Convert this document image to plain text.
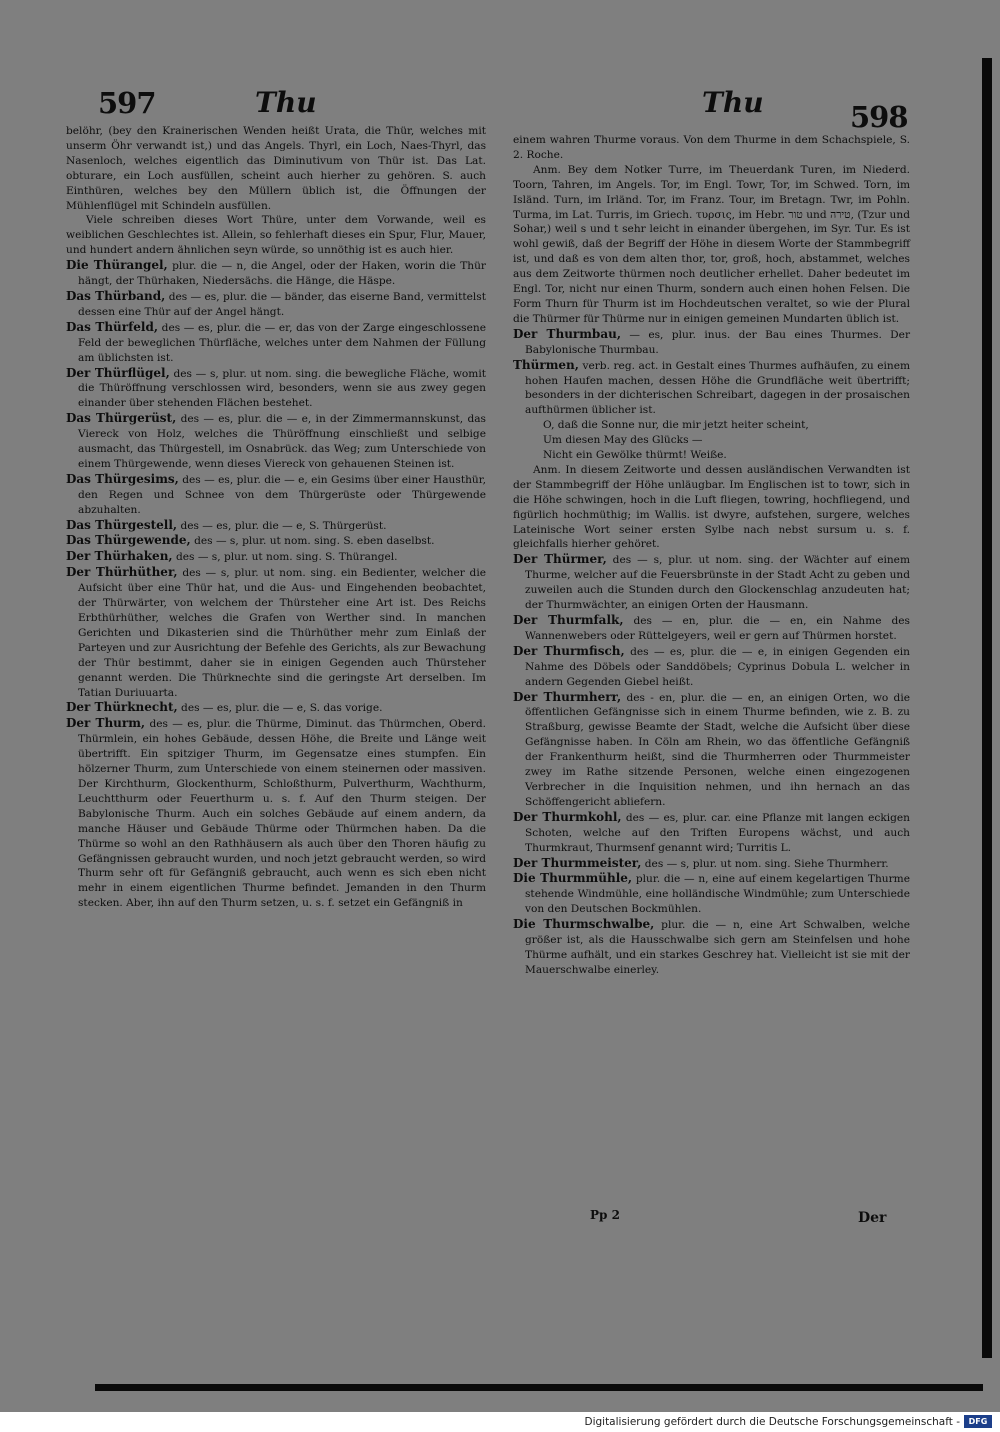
597	Thu	Thu	598

belöhr, (bey den Krainerischen Wenden heißt Urata, die Thür, welches mit unserm Öhr verwandt ist,) und das Angels. Thyrl, ein Loch, Naes-Thyrl, das Nasenloch, welches eigentlich das Diminutivum von Thür ist. Das Lat. obturare, ein Loch ausfüllen, scheint auch hierher zu gehören. S. auch Einthüren, welches bey den Müllern üblich ist, die Öffnungen der Mühlenflügel mit Schindeln ausfüllen.

Viele schreiben dieses Wort Thüre, unter dem Vorwande, weil es weiblichen Geschlechtes ist. Allein, so fehlerhaft dieses ein Spur, Flur, Mauer, und hundert andern ähnlichen seyn würde, so unnöthig ist es auch hier.

Die Thürangel, plur. die — n, die Angel, oder der Haken, worin die Thür hängt, der Thürhaken, Niedersächs. die Hänge, die Häspe.

Das Thürband, des — es, plur. die — bänder, das eiserne Band, vermittelst dessen eine Thür auf der Angel hängt.

Das Thürfeld, des — es, plur. die — er, das von der Zarge eingeschlossene Feld der beweglichen Thürfläche, welches unter dem Nahmen der Füllung am üblichsten ist.

Der Thürflügel, des — s, plur. ut nom. sing. die bewegliche Fläche, womit die Thüröffnung verschlossen wird, besonders, wenn sie aus zwey gegen einander über stehenden Flächen bestehet.

Das Thürgerüst, des — es, plur. die — e, in der Zimmermannskunst, das Viereck von Holz, welches die Thüröffnung einschließt und selbige ausmacht, das Thürgestell, im Osnabrück. das Weg; zum Unterschiede von einem Thürgewende, wenn dieses Viereck von gehauenen Steinen ist.

Das Thürgesims, des — es, plur. die — e, ein Gesims über einer Hausthür, den Regen und Schnee von dem Thürgerüste oder Thürgewende abzuhalten.

Das Thürgestell, des — es, plur. die — e, S. Thürgerüst.

Das Thürgewende, des — s, plur. ut nom. sing. S. eben daselbst.

Der Thürhaken, des — s, plur. ut nom. sing. S. Thürangel.

Der Thürhüther, des — s, plur. ut nom. sing. ein Bedienter, welcher die Aufsicht über eine Thür hat, und die Aus- und Eingehenden beobachtet, der Thürwärter, von welchem der Thürsteher eine Art ist. Des Reichs Erbthürhüther, welches die Grafen von Werther sind. In manchen Gerichten und Dikasterien sind die Thürhüther mehr zum Einlaß der Parteyen und zur Ausrichtung der Befehle des Gerichts, als zur Bewachung der Thür bestimmt, daher sie in einigen Gegenden auch Thürsteher genannt werden. Die Thürknechte sind die geringste Art derselben. Im Tatian Duriuuarta.

Der Thürknecht, des — es, plur. die — e, S. das vorige.

Der Thurm, des — es, plur. die Thürme, Diminut. das Thürmchen, Oberd. Thürmlein, ein hohes Gebäude, dessen Höhe, die Breite und Länge weit übertrifft. Ein spitziger Thurm, im Gegensatze eines stumpfen. Ein hölzerner Thurm, zum Unterschiede von einem steinernen oder massiven. Der Kirchthurm, Glockenthurm, Schloßthurm, Pulverthurm, Wachthurm, Leuchtthurm oder Feuerthurm u. s. f. Auf den Thurm steigen. Der Babylonische Thurm. Auch ein solches Gebäude auf einem andern, da manche Häuser und Gebäude Thürme oder Thürmchen haben. Da die Thürme so wohl an den Rathhäusern als auch über den Thoren häufig zu Gefängnissen gebraucht wurden, und noch jetzt gebraucht werden, so wird Thurm sehr oft für Gefängniß gebraucht, auch wenn es sich eben nicht mehr in einem eigentlichen Thurme befindet. Jemanden in den Thurm stecken. Aber, ihn auf den Thurm setzen, u. s. f. setzet ein Gefängniß in

einem wahren Thurme voraus. Von dem Thurme in dem Schachspiele, S. 2. Roche.

Anm. Bey dem Notker Turre, im Theuerdank Turen, im Niederd. Toorn, Tahren, im Angels. Tor, im Engl. Towr, Tor, im Schwed. Torn, im Isländ. Turn, im Irländ. Tor, im Franz. Tour, im Bretagn. Twr, im Pohln. Turma, im Lat. Turris, im Griech. τυρσις, im Hebr. טור und טירה, (Tzur und Sohar,) weil s und t sehr leicht in einander übergehen, im Syr. Tur. Es ist wohl gewiß, daß der Begriff der Höhe in diesem Worte der Stammbegriff ist, und daß es von dem alten thor, tor, groß, hoch, abstammet, welches aus dem Zeitworte thürmen noch deutlicher erhellet. Daher bedeutet im Engl. Tor, nicht nur einen Thurm, sondern auch einen hohen Felsen. Die Form Thurn für Thurm ist im Hochdeutschen veraltet, so wie der Plural die Thürmer für Thürme nur in einigen gemeinen Mundarten üblich ist.

Der Thurmbau, — es, plur. inus. der Bau eines Thurmes. Der Babylonische Thurmbau.

Thürmen, verb. reg. act. in Gestalt eines Thurmes aufhäufen, zu einem hohen Haufen machen, dessen Höhe die Grundfläche weit übertrifft; besonders in der dichterischen Schreibart, dagegen in der prosaischen aufthürmen üblicher ist.

O, daß die Sonne nur, die mir jetzt heiter scheint,

Um diesen May des Glücks —

Nicht ein Gewölke thürmt! Weiße.

Anm. In diesem Zeitworte und dessen ausländischen Verwandten ist der Stammbegriff der Höhe unläugbar. Im Englischen ist to towr, sich in die Höhe schwingen, hoch in die Luft fliegen, towring, hochfliegend, und figürlich hochmüthig; im Wallis. ist dwyre, aufstehen, surgere, welches Lateinische Wort seiner ersten Sylbe nach nebst sursum u. s. f. gleichfalls hierher gehöret.

Der Thürmer, des — s, plur. ut nom. sing. der Wächter auf einem Thurme, welcher auf die Feuersbrünste in der Stadt Acht zu geben und zuweilen auch die Stunden durch den Glockenschlag anzudeuten hat; der Thurmwächter, an einigen Orten der Hausmann.

Der Thurmfalk, des — en, plur. die — en, ein Nahme des Wannenwebers oder Rüttelgeyers, weil er gern auf Thürmen horstet.

Der Thurmfisch, des — es, plur. die — e, in einigen Gegenden ein Nahme des Döbels oder Sanddöbels; Cyprinus Dobula L. welcher in andern Gegenden Giebel heißt.

Der Thurmherr, des - en, plur. die — en, an einigen Orten, wo die öffentlichen Gefängnisse sich in einem Thurme befinden, wie z. B. zu Straßburg, gewisse Beamte der Stadt, welche die Aufsicht über diese Gefängnisse haben. In Cöln am Rhein, wo das öffentliche Gefängniß der Frankenthurm heißt, sind die Thurmherren oder Thurmmeister zwey im Rathe sitzende Personen, welche einen eingezogenen Verbrecher in die Inquisition nehmen, und ihn hernach an das Schöffengericht abliefern.

Der Thurmkohl, des — es, plur. car. eine Pflanze mit langen eckigen Schoten, welche auf den Triften Europens wächst, und auch Thurmkraut, Thurmsenf genannt wird; Turritis L.

Der Thurmmeister, des — s, plur. ut nom. sing. Siehe Thurmherr.

Die Thurmmühle, plur. die — n, eine auf einem kegelartigen Thurme stehende Windmühle, eine holländische Windmühle; zum Unterschiede von den Deutschen Bockmühlen.

Die Thurmschwalbe, plur. die — n, eine Art Schwalben, welche größer ist, als die Hausschwalbe sich gern am Steinfelsen und hohe Thürme aufhält, und ein starkes Geschrey hat. Vielleicht ist sie mit der Mauerschwalbe einerley.

Pp 2	Der
Digitalisierung gefördert durch die Deutsche Forschungsgemeinschaft -	DFG
